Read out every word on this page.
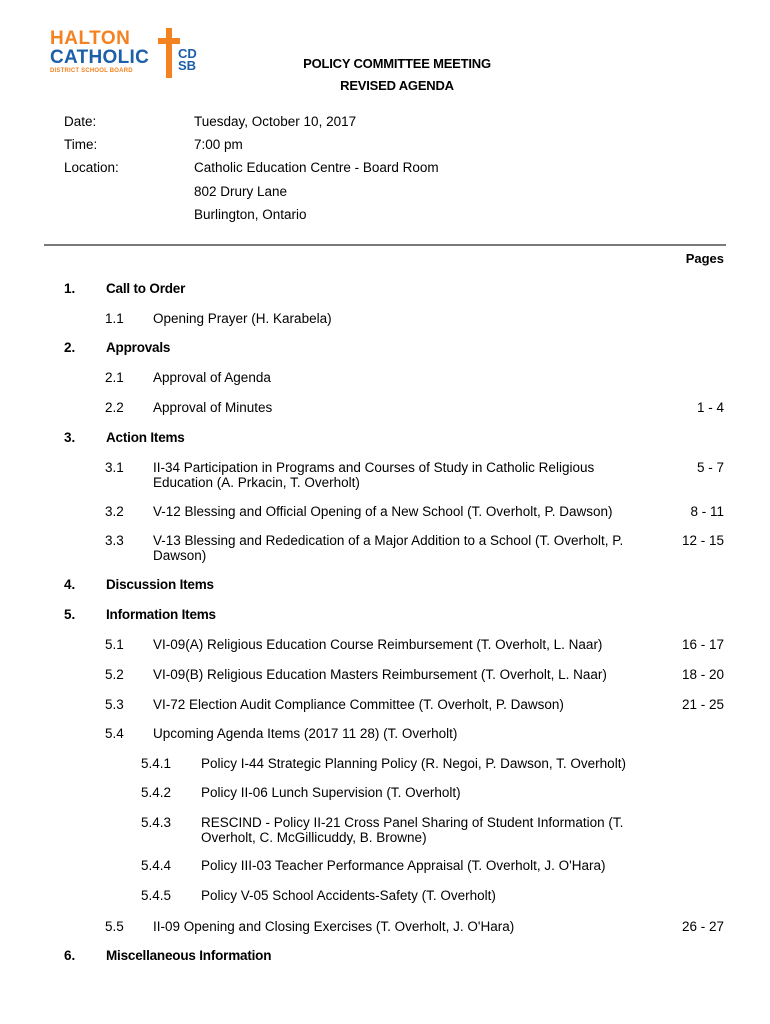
HALTON
CATHOLIC
DISTRICT SCHOOL BOARD
CD
SB	POLICY COMMITTEE MEETING
REVISED AGENDA
Date:	Tuesday, October 10, 2017
Time:	7:00 pm
Location:	Catholic Education Centre - Board Room
802 Drury Lane
Burlington, Ontario
Pages
1. Call to Order
1.1 Opening Prayer (H. Karabela)
2. Approvals
2.1 Approval of Agenda
2.2 Approval of Minutes	1 - 4
3. Action Items
3.1 II-34 Participation in Programs and Courses of Study in Catholic Religious Education (A. Prkacin, T. Overholt)
5 - 7
3.2 V-12 Blessing and Official Opening of a New School (T. Overholt, P. Dawson)	8 - 11
3.3 V-13 Blessing and Rededication of a Major Addition to a School (T. Overholt, P. Dawson)
12 - 15
4. Discussion Items
5. Information Items
5.1 VI-09(A) Religious Education Course Reimbursement (T. Overholt, L. Naar)	16 - 17
5.2 VI-09(B) Religious Education Masters Reimbursement (T. Overholt, L. Naar)	18 - 20
5.3 VI-72 Election Audit Compliance Committee (T. Overholt, P. Dawson)	21 - 25
5.4 Upcoming Agenda Items (2017 11 28) (T. Overholt)
5.4.1 Policy I-44 Strategic Planning Policy (R. Negoi, P. Dawson, T. Overholt)
5.4.2 Policy II-06 Lunch Supervision (T. Overholt)
5.4.3 RESCIND - Policy II-21 Cross Panel Sharing of Student Information (T. Overholt, C. McGillicuddy, B. Browne)
5.4.4 Policy III-03 Teacher Performance Appraisal (T. Overholt, J. O'Hara)
5.4.5 Policy V-05 School Accidents-Safety (T. Overholt)
5.5 II-09 Opening and Closing Exercises (T. Overholt, J. O'Hara)	26 - 27
6. Miscellaneous Information
